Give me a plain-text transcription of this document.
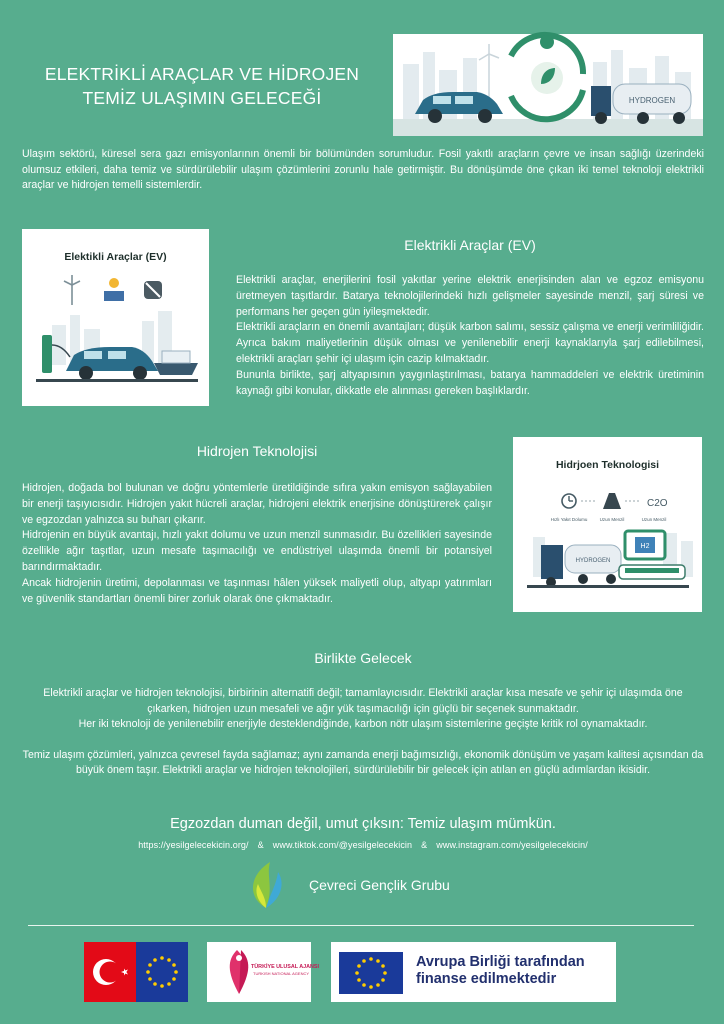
ELEKTRİKLİ ARAÇLAR VE HİDROJEN
TEMİZ ULAŞIMIN GELECEĞİ	HYDROGEN

Ulaşım sektörü, küresel sera gazı emisyonlarının önemli bir bölümünden sorumludur. Fosil yakıtlı araçların çevre ve insan sağlığı üzerindeki olumsuz etkileri, daha temiz ve sürdürülebilir ulaşım çözümlerini zorunlu hale getirmiştir. Bu dönüşümde öne çıkan iki temel teknoloji elektrikli araçlar ve hidrojen temelli sistemlerdir.

Elektikli Araçlar (EV)
Elektrikli Araçlar (EV)

Elektrikli araçlar, enerjilerini fosil yakıtlar yerine elektrik enerjisinden alan ve egzoz emisyonu üretmeyen taşıtlardır. Batarya teknolojilerindeki hızlı gelişmeler sayesinde menzil, şarj süresi ve performans her geçen gün iyileşmektedir.

Elektrikli araçların en önemli avantajları; düşük karbon salımı, sessiz çalışma ve enerji verimliliğidir. Ayrıca bakım maliyetlerinin düşük olması ve yenilenebilir enerji kaynaklarıyla şarj edilebilmesi, elektrikli araçları şehir içi ulaşım için cazip kılmaktadır.

Bununla birlikte, şarj altyapısının yaygınlaştırılması, batarya hammaddeleri ve elektrik üretiminin kaynağı gibi konular, dikkatle ele alınması gereken başlıklardır.

Hidrojen Teknolojisi

Hidrojen, doğada bol bulunan ve doğru yöntemlerle üretildiğinde sıfıra yakın emisyon sağlayabilen bir enerji taşıyıcısıdır. Hidrojen yakıt hücreli araçlar, hidrojeni elektrik enerjisine dönüştürerek çalışır ve egzozdan yalnızca su buharı çıkarır.

Hidrojenin en büyük avantajı, hızlı yakıt dolumu ve uzun menzil sunmasıdır. Bu özellikleri sayesinde özellikle ağır taşıtlar, uzun mesafe taşımacılığı ve endüstriyel ulaşımda önemli bir potansiyel barındırmaktadır.

Ancak hidrojenin üretimi, depolanması ve taşınması hâlen yüksek maliyetli olup, altyapı yatırımları ve güvenlik standartları önemli birer zorluk olarak öne çıkmaktadır.

Hidrjoen Teknologisi
C2O
Hızlı Yakıt Dolumu	Uzun Menzil	Uzun Menzil
H2
HYDROGEN
Birlikte Gelecek

Elektrikli araçlar ve hidrojen teknolojisi, birbirinin alternatifi değil; tamamlayıcısıdır. Elektrikli araçlar kısa mesafe ve şehir içi ulaşımda öne çıkarken, hidrojen uzun mesafeli ve ağır yük taşımacılığı için güçlü bir seçenek sunmaktadır.

Her iki teknoloji de yenilenebilir enerjiyle desteklendiğinde, karbon nötr ulaşım sistemlerine geçişte kritik rol oynamaktadır.

Temiz ulaşım çözümleri, yalnızca çevresel fayda sağlamaz; aynı zamanda enerji bağımsızlığı, ekonomik dönüşüm ve yaşam kalitesi açısından da büyük önem taşır. Elektrikli araçlar ve hidrojen teknolojileri, sürdürülebilir bir gelecek için atılan en güçlü adımlardan ikisidir.

Egzozdan duman değil, umut çıksın: Temiz ulaşım mümkün.
https://yesilgelecekicin.org/ & www.tiktok.com/@yesilgelecekicin & www.instagram.com/yesilgelecekicin/
Çevreci Gençlik Grubu
TÜRKİYE ULUSAL AJANSI
TURKISH NATIONAL AGENCY
Avrupa Birliği tarafından
finanse edilmektedir
